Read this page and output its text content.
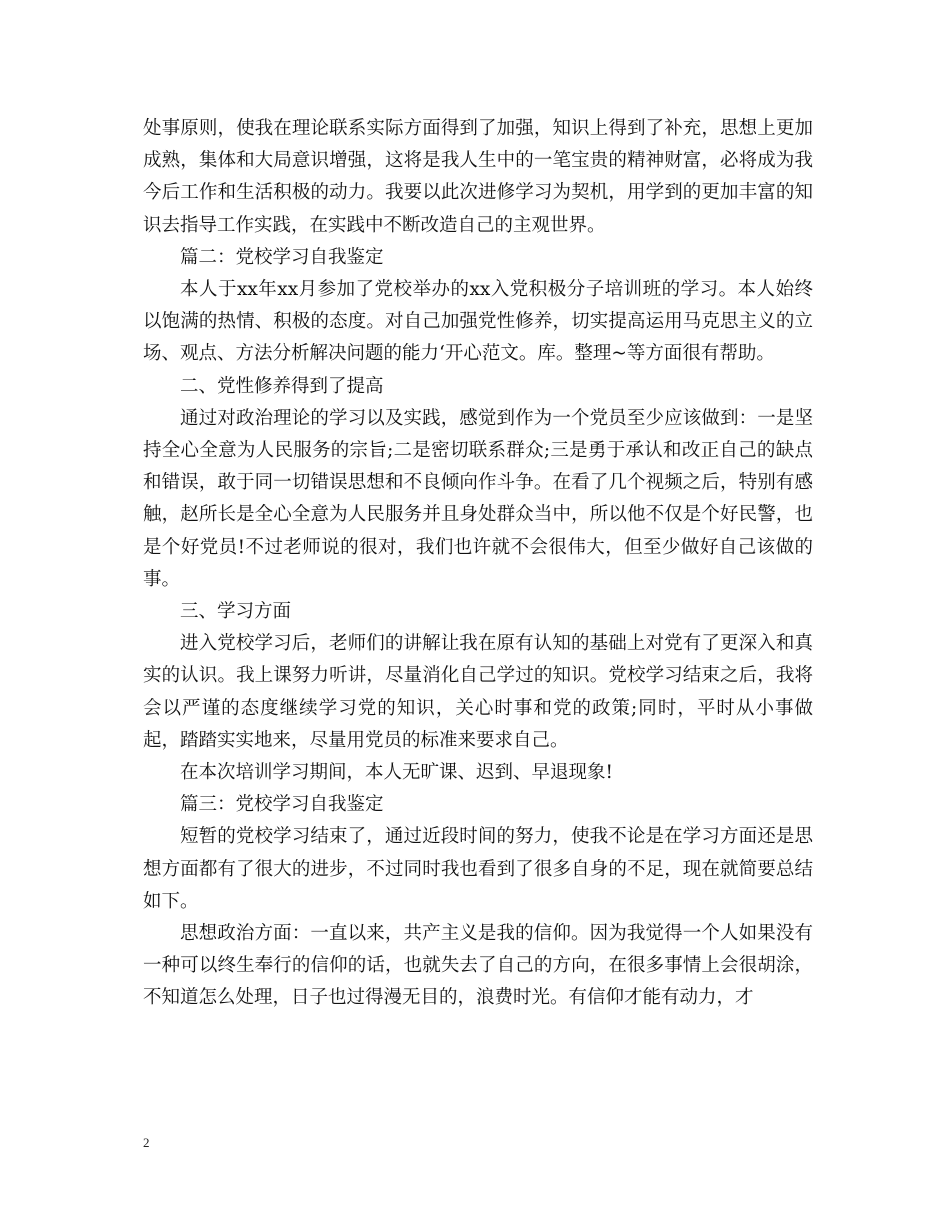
处事原则，使我在理论联系实际方面得到了加强，知识上得到了补充，思想上更加成熟，集体和大局意识增强，这将是我人生中的一笔宝贵的精神财富，必将成为我今后工作和生活积极的动力。我要以此次进修学习为契机，用学到的更加丰富的知识去指导工作实践，在实践中不断改造自己的主观世界。

篇二：党校学习自我鉴定

本人于xx年xx月参加了党校举办的xx入党积极分子培训班的学习。本人始终以饱满的热情、积极的态度。对自己加强党性修养，切实提高运用马克思主义的立场、观点、方法分析解决问题的能力‘开心范文。库。整理~等方面很有帮助。

二、党性修养得到了提高

通过对政治理论的学习以及实践，感觉到作为一个党员至少应该做到：一是坚持全心全意为人民服务的宗旨;二是密切联系群众;三是勇于承认和改正自己的缺点和错误，敢于同一切错误思想和不良倾向作斗争。在看了几个视频之后，特别有感触，赵所长是全心全意为人民服务并且身处群众当中，所以他不仅是个好民警，也是个好党员!不过老师说的很对，我们也许就不会很伟大，但至少做好自己该做的事。

三、学习方面

进入党校学习后，老师们的讲解让我在原有认知的基础上对党有了更深入和真实的认识。我上课努力听讲，尽量消化自己学过的知识。党校学习结束之后，我将会以严谨的态度继续学习党的知识，关心时事和党的政策;同时，平时从小事做起，踏踏实实地来，尽量用党员的标准来要求自己。

在本次培训学习期间，本人无旷课、迟到、早退现象!

篇三：党校学习自我鉴定

短暂的党校学习结束了，通过近段时间的努力，使我不论是在学习方面还是思想方面都有了很大的进步，不过同时我也看到了很多自身的不足，现在就简要总结如下。

思想政治方面：一直以来，共产主义是我的信仰。因为我觉得一个人如果没有一种可以终生奉行的信仰的话，也就失去了自己的方向，在很多事情上会很胡涂，不知道怎么处理，日子也过得漫无目的，浪费时光。有信仰才能有动力，才

2
